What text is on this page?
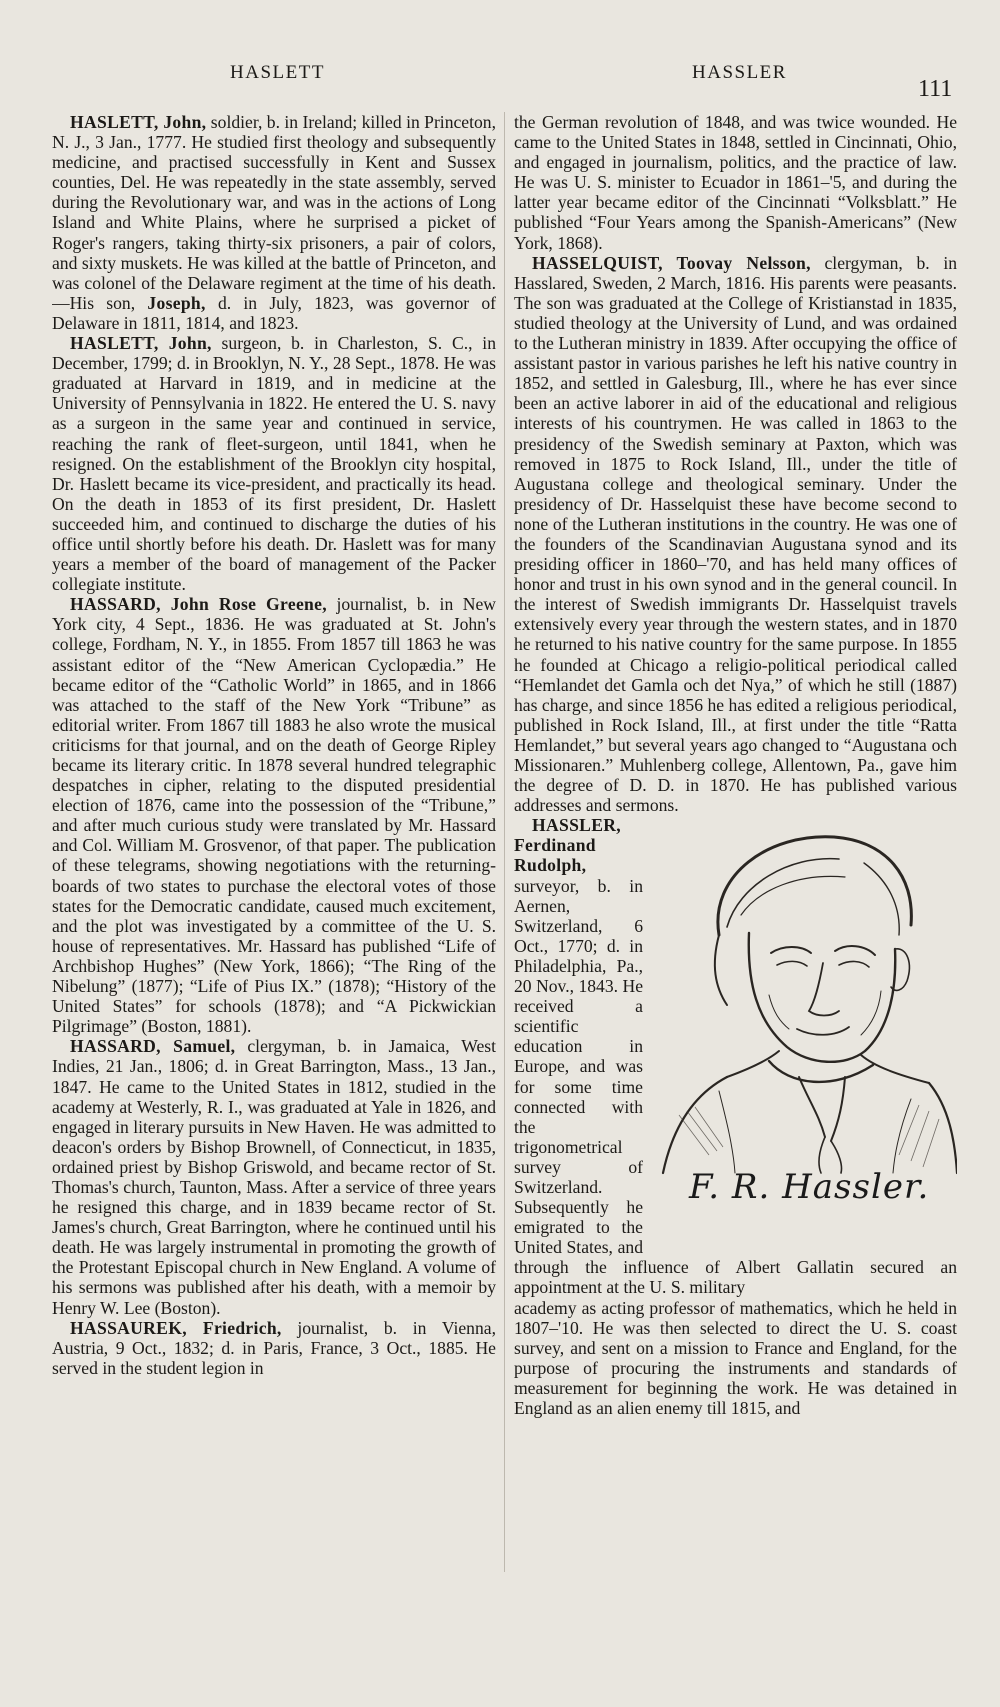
HASLETT	HASSLER
111

HASLETT, John, soldier, b. in Ireland; killed in Princeton, N. J., 3 Jan., 1777. He studied first theology and subsequently medicine, and practised successfully in Kent and Sussex counties, Del. He was repeatedly in the state assembly, served during the Revolutionary war, and was in the actions of Long Island and White Plains, where he surprised a picket of Roger's rangers, taking thirty-six prisoners, a pair of colors, and sixty muskets. He was killed at the battle of Princeton, and was colonel of the Delaware regiment at the time of his death.—His son, Joseph, d. in July, 1823, was governor of Delaware in 1811, 1814, and 1823.

HASLETT, John, surgeon, b. in Charleston, S. C., in December, 1799; d. in Brooklyn, N. Y., 28 Sept., 1878. He was graduated at Harvard in 1819, and in medicine at the University of Pennsylvania in 1822. He entered the U. S. navy as a surgeon in the same year and continued in service, reaching the rank of fleet-surgeon, until 1841, when he resigned. On the establishment of the Brooklyn city hospital, Dr. Haslett became its vice-president, and practically its head. On the death in 1853 of its first president, Dr. Haslett succeeded him, and continued to discharge the duties of his office until shortly before his death. Dr. Haslett was for many years a member of the board of management of the Packer collegiate institute.

HASSARD, John Rose Greene, journalist, b. in New York city, 4 Sept., 1836. He was graduated at St. John's college, Fordham, N. Y., in 1855. From 1857 till 1863 he was assistant editor of the “New American Cyclopædia.” He became editor of the “Catholic World” in 1865, and in 1866 was attached to the staff of the New York “Tribune” as editorial writer. From 1867 till 1883 he also wrote the musical criticisms for that journal, and on the death of George Ripley became its literary critic. In 1878 several hundred telegraphic despatches in cipher, relating to the disputed presidential election of 1876, came into the possession of the “Tribune,” and after much curious study were translated by Mr. Hassard and Col. William M. Grosvenor, of that paper. The publication of these telegrams, showing negotiations with the returning-boards of two states to purchase the electoral votes of those states for the Democratic candidate, caused much excitement, and the plot was investigated by a committee of the U. S. house of representatives. Mr. Hassard has published “Life of Archbishop Hughes” (New York, 1866); “The Ring of the Nibelung” (1877); “Life of Pius IX.” (1878); “History of the United States” for schools (1878); and “A Pickwickian Pilgrimage” (Boston, 1881).

HASSARD, Samuel, clergyman, b. in Jamaica, West Indies, 21 Jan., 1806; d. in Great Barrington, Mass., 13 Jan., 1847. He came to the United States in 1812, studied in the academy at Westerly, R. I., was graduated at Yale in 1826, and engaged in literary pursuits in New Haven. He was admitted to deacon's orders by Bishop Brownell, of Connecticut, in 1835, ordained priest by Bishop Griswold, and became rector of St. Thomas's church, Taunton, Mass. After a service of three years he resigned this charge, and in 1839 became rector of St. James's church, Great Barrington, where he continued until his death. He was largely instrumental in promoting the growth of the Protestant Episcopal church in New England. A volume of his sermons was published after his death, with a memoir by Henry W. Lee (Boston).

HASSAUREK, Friedrich, journalist, b. in Vienna, Austria, 9 Oct., 1832; d. in Paris, France, 3 Oct., 1885. He served in the student legion in

the German revolution of 1848, and was twice wounded. He came to the United States in 1848, settled in Cincinnati, Ohio, and engaged in journalism, politics, and the practice of law. He was U. S. minister to Ecuador in 1861–'5, and during the latter year became editor of the Cincinnati “Volksblatt.” He published “Four Years among the Spanish-Americans” (New York, 1868).

HASSELQUIST, Toovay Nelsson, clergyman, b. in Hasslared, Sweden, 2 March, 1816. His parents were peasants. The son was graduated at the College of Kristianstad in 1835, studied theology at the University of Lund, and was ordained to the Lutheran ministry in 1839. After occupying the office of assistant pastor in various parishes he left his native country in 1852, and settled in Galesburg, Ill., where he has ever since been an active laborer in aid of the educational and religious interests of his countrymen. He was called in 1863 to the presidency of the Swedish seminary at Paxton, which was removed in 1875 to Rock Island, Ill., under the title of Augustana college and theological seminary. Under the presidency of Dr. Hasselquist these have become second to none of the Lutheran institutions in the country. He was one of the founders of the Scandinavian Augustana synod and its presiding officer in 1860–'70, and has held many offices of honor and trust in his own synod and in the general council. In the interest of Swedish immigrants Dr. Hasselquist travels extensively every year through the western states, and in 1870 he returned to his native country for the same purpose. In 1855 he founded at Chicago a religio-political periodical called “Hemlandet det Gamla och det Nya,” of which he still (1887) has charge, and since 1856 he has edited a religious periodical, published in Rock Island, Ill., at first under the title “Ratta Hemlandet,” but several years ago changed to “Augustana och Missionaren.” Muhlenberg college, Allentown, Pa., gave him the degree of D. D. in 1870. He has published various addresses and sermons.

F. R. Hassler.

HASSLER, Ferdinand Rudolph, surveyor, b. in Aernen, Switzerland, 6 Oct., 1770; d. in Philadelphia, Pa., 20 Nov., 1843. He received a scientific education in Europe, and was for some time connected with the trigonometrical survey of Switzerland. Subsequently he emigrated to the United States, and through the influence of Albert Gallatin secured an appointment at the U. S. military

academy as acting professor of mathematics, which he held in 1807–'10. He was then selected to direct the U. S. coast survey, and sent on a mission to France and England, for the purpose of procuring the instruments and standards of measurement for beginning the work. He was detained in England as an alien enemy till 1815, and
